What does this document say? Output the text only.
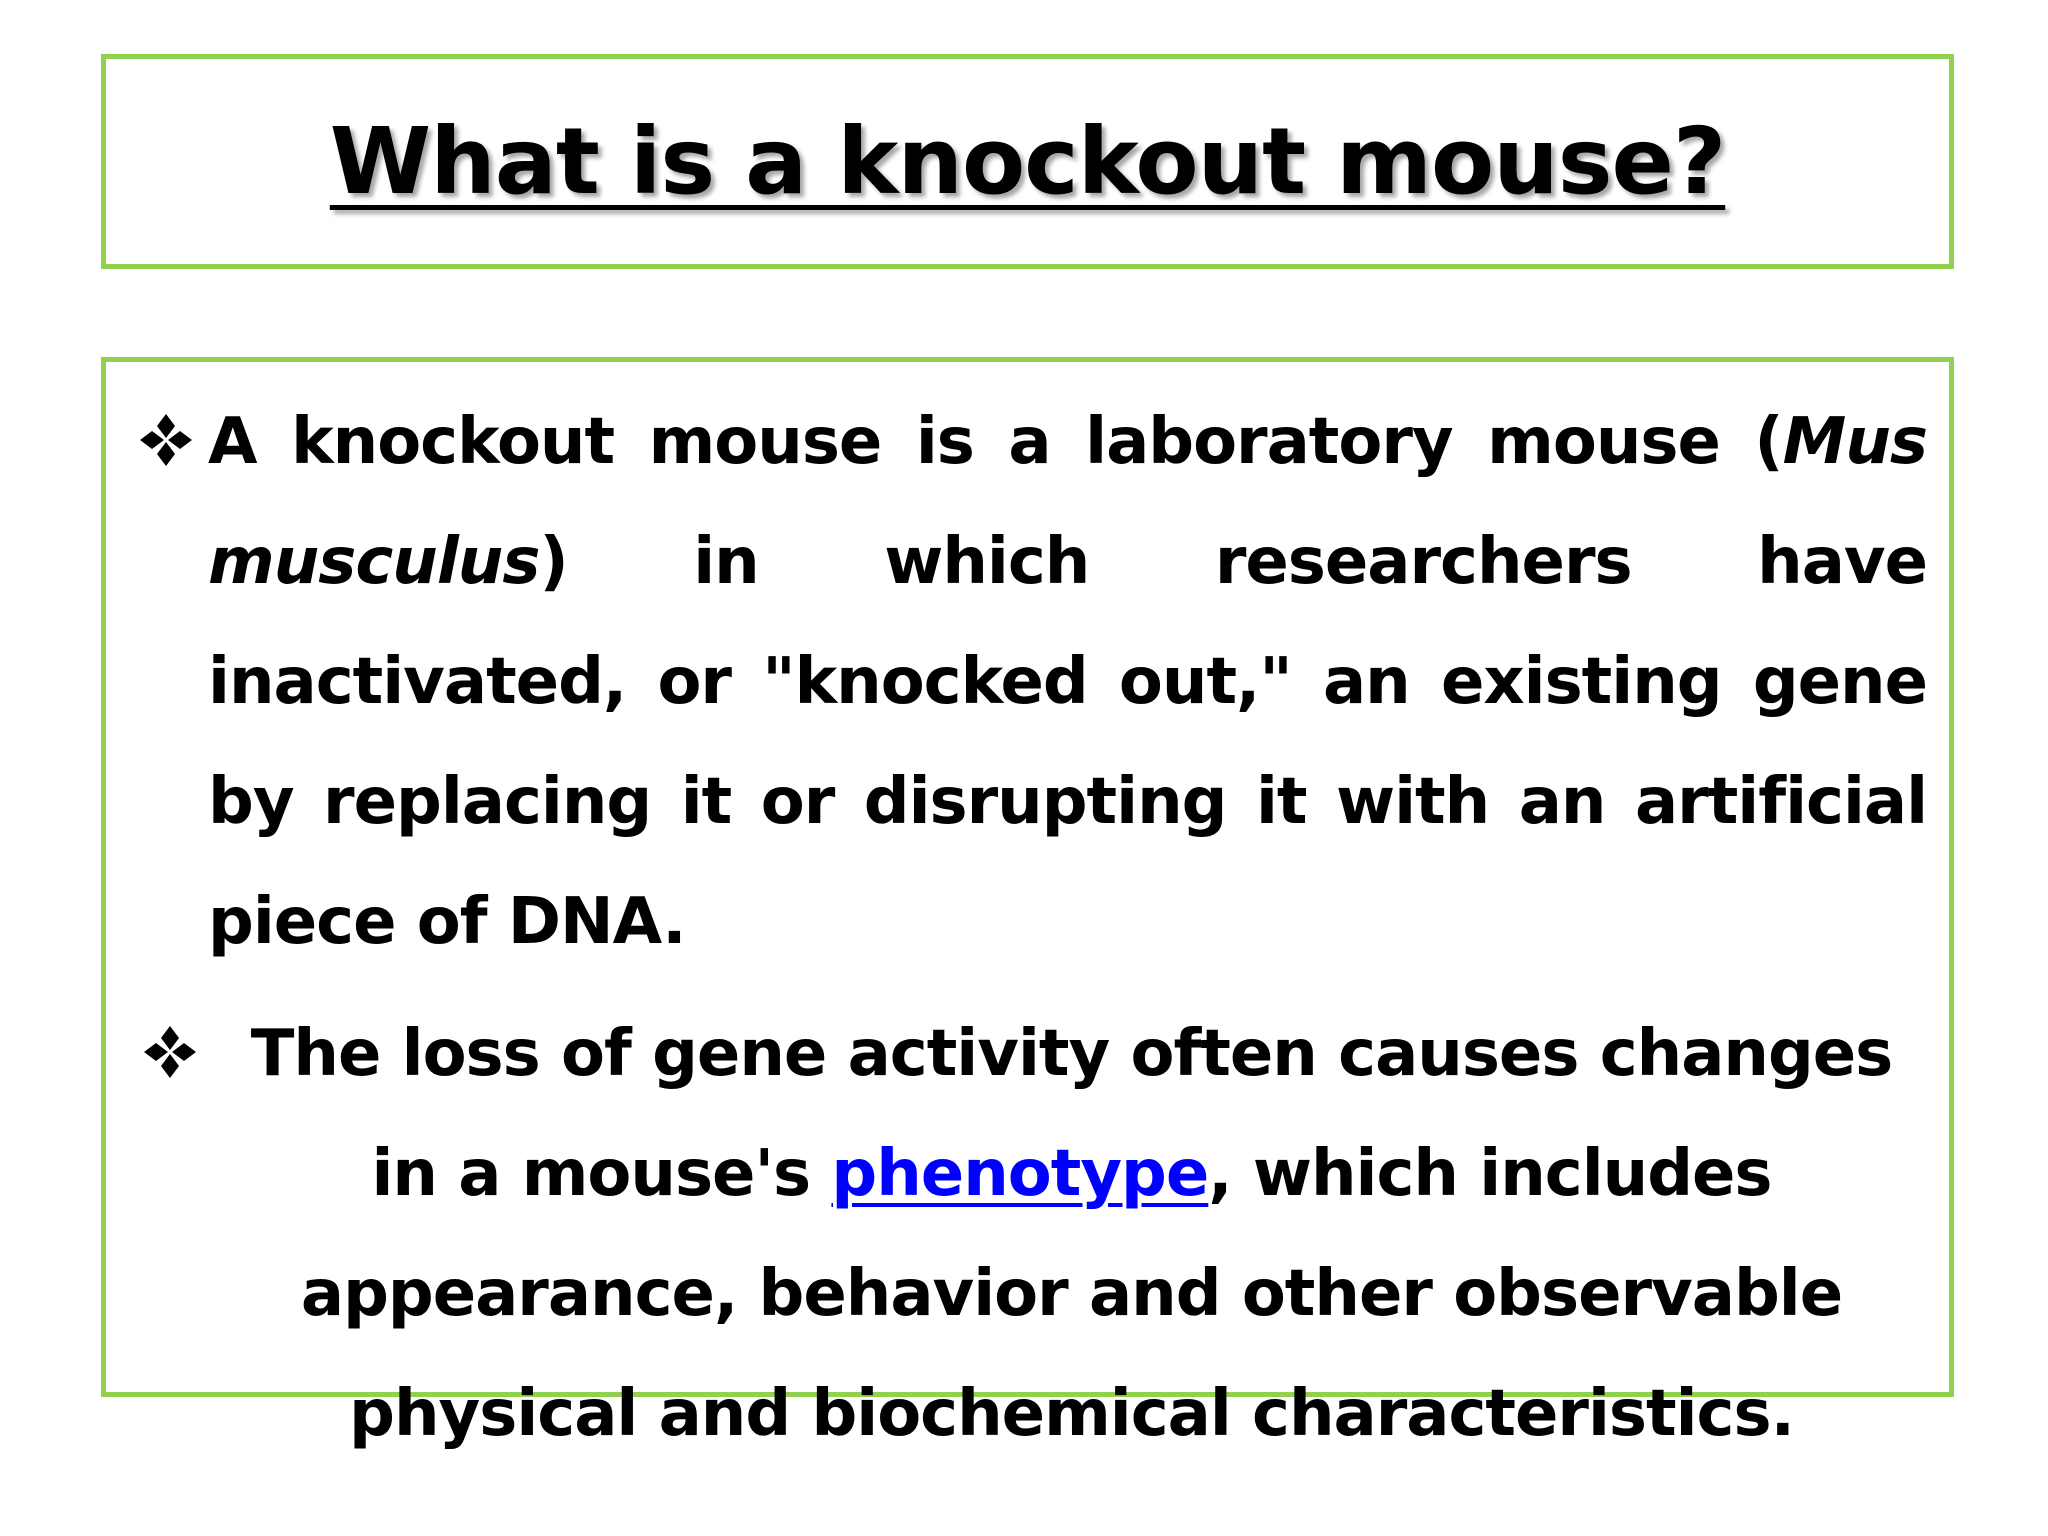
What is a knockout mouse?
A knockout mouse is a laboratory mouse (Mus musculus) in which researchers have inactivated, or "knocked out," an existing gene by replacing it or disrupting it with an artificial piece of DNA.
The loss of gene activity often causes changes in a mouse's phenotype, which includes appearance, behavior and other observable physical and biochemical characteristics.
